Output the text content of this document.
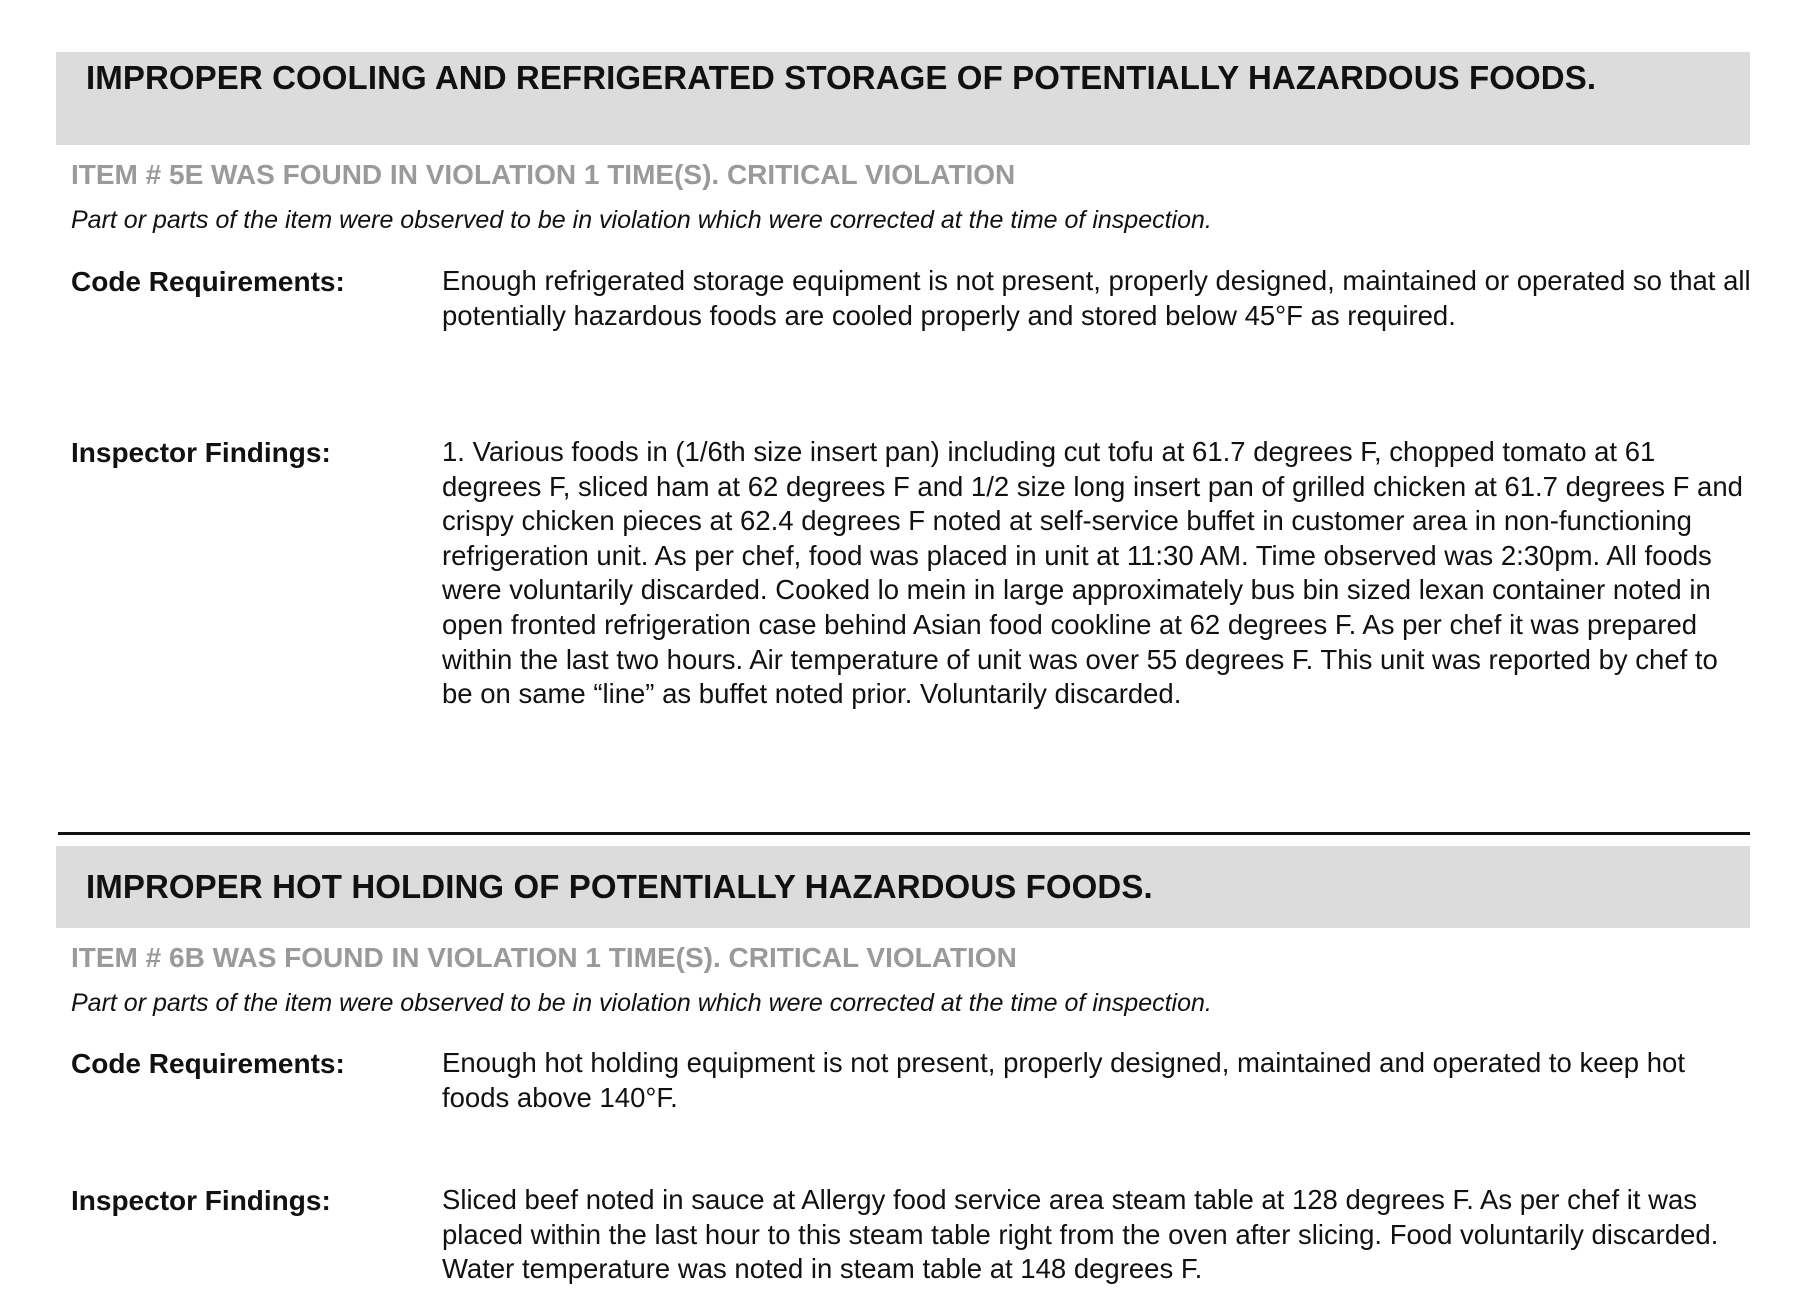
IMPROPER COOLING AND REFRIGERATED STORAGE OF POTENTIALLY HAZARDOUS FOODS.
ITEM # 5E WAS FOUND IN VIOLATION 1 TIME(S). CRITICAL VIOLATION
Part or parts of the item were observed to be in violation which were corrected at the time of inspection.
Code Requirements:	Enough refrigerated storage equipment is not present, properly designed, maintained or operated so that all potentially hazardous foods are cooled properly and stored below 45°F as required.
Inspector Findings:	1. Various foods in (1/6th size insert pan) including cut tofu at 61.7 degrees F, chopped tomato at 61 degrees F, sliced ham at 62 degrees F and 1/2 size long insert pan of grilled chicken at 61.7 degrees F and crispy chicken pieces at 62.4 degrees F noted at self-service buffet in customer area in non-functioning refrigeration unit. As per chef, food was placed in unit at 11:30 AM. Time observed was 2:30pm. All foods were voluntarily discarded. Cooked lo mein in large approximately bus bin sized lexan container noted in open fronted refrigeration case behind Asian food cookline at 62 degrees F. As per chef it was prepared within the last two hours. Air temperature of unit was over 55 degrees F. This unit was reported by chef to be on same “line” as buffet noted prior. Voluntarily discarded.
IMPROPER HOT HOLDING OF POTENTIALLY HAZARDOUS FOODS.
ITEM # 6B WAS FOUND IN VIOLATION 1 TIME(S). CRITICAL VIOLATION
Part or parts of the item were observed to be in violation which were corrected at the time of inspection.
Code Requirements:	Enough hot holding equipment is not present, properly designed, maintained and operated to keep hot foods above 140°F.
Inspector Findings:	Sliced beef noted in sauce at Allergy food service area steam table at 128 degrees F. As per chef it was placed within the last hour to this steam table right from the oven after slicing. Food voluntarily discarded. Water temperature was noted in steam table at 148 degrees F.
